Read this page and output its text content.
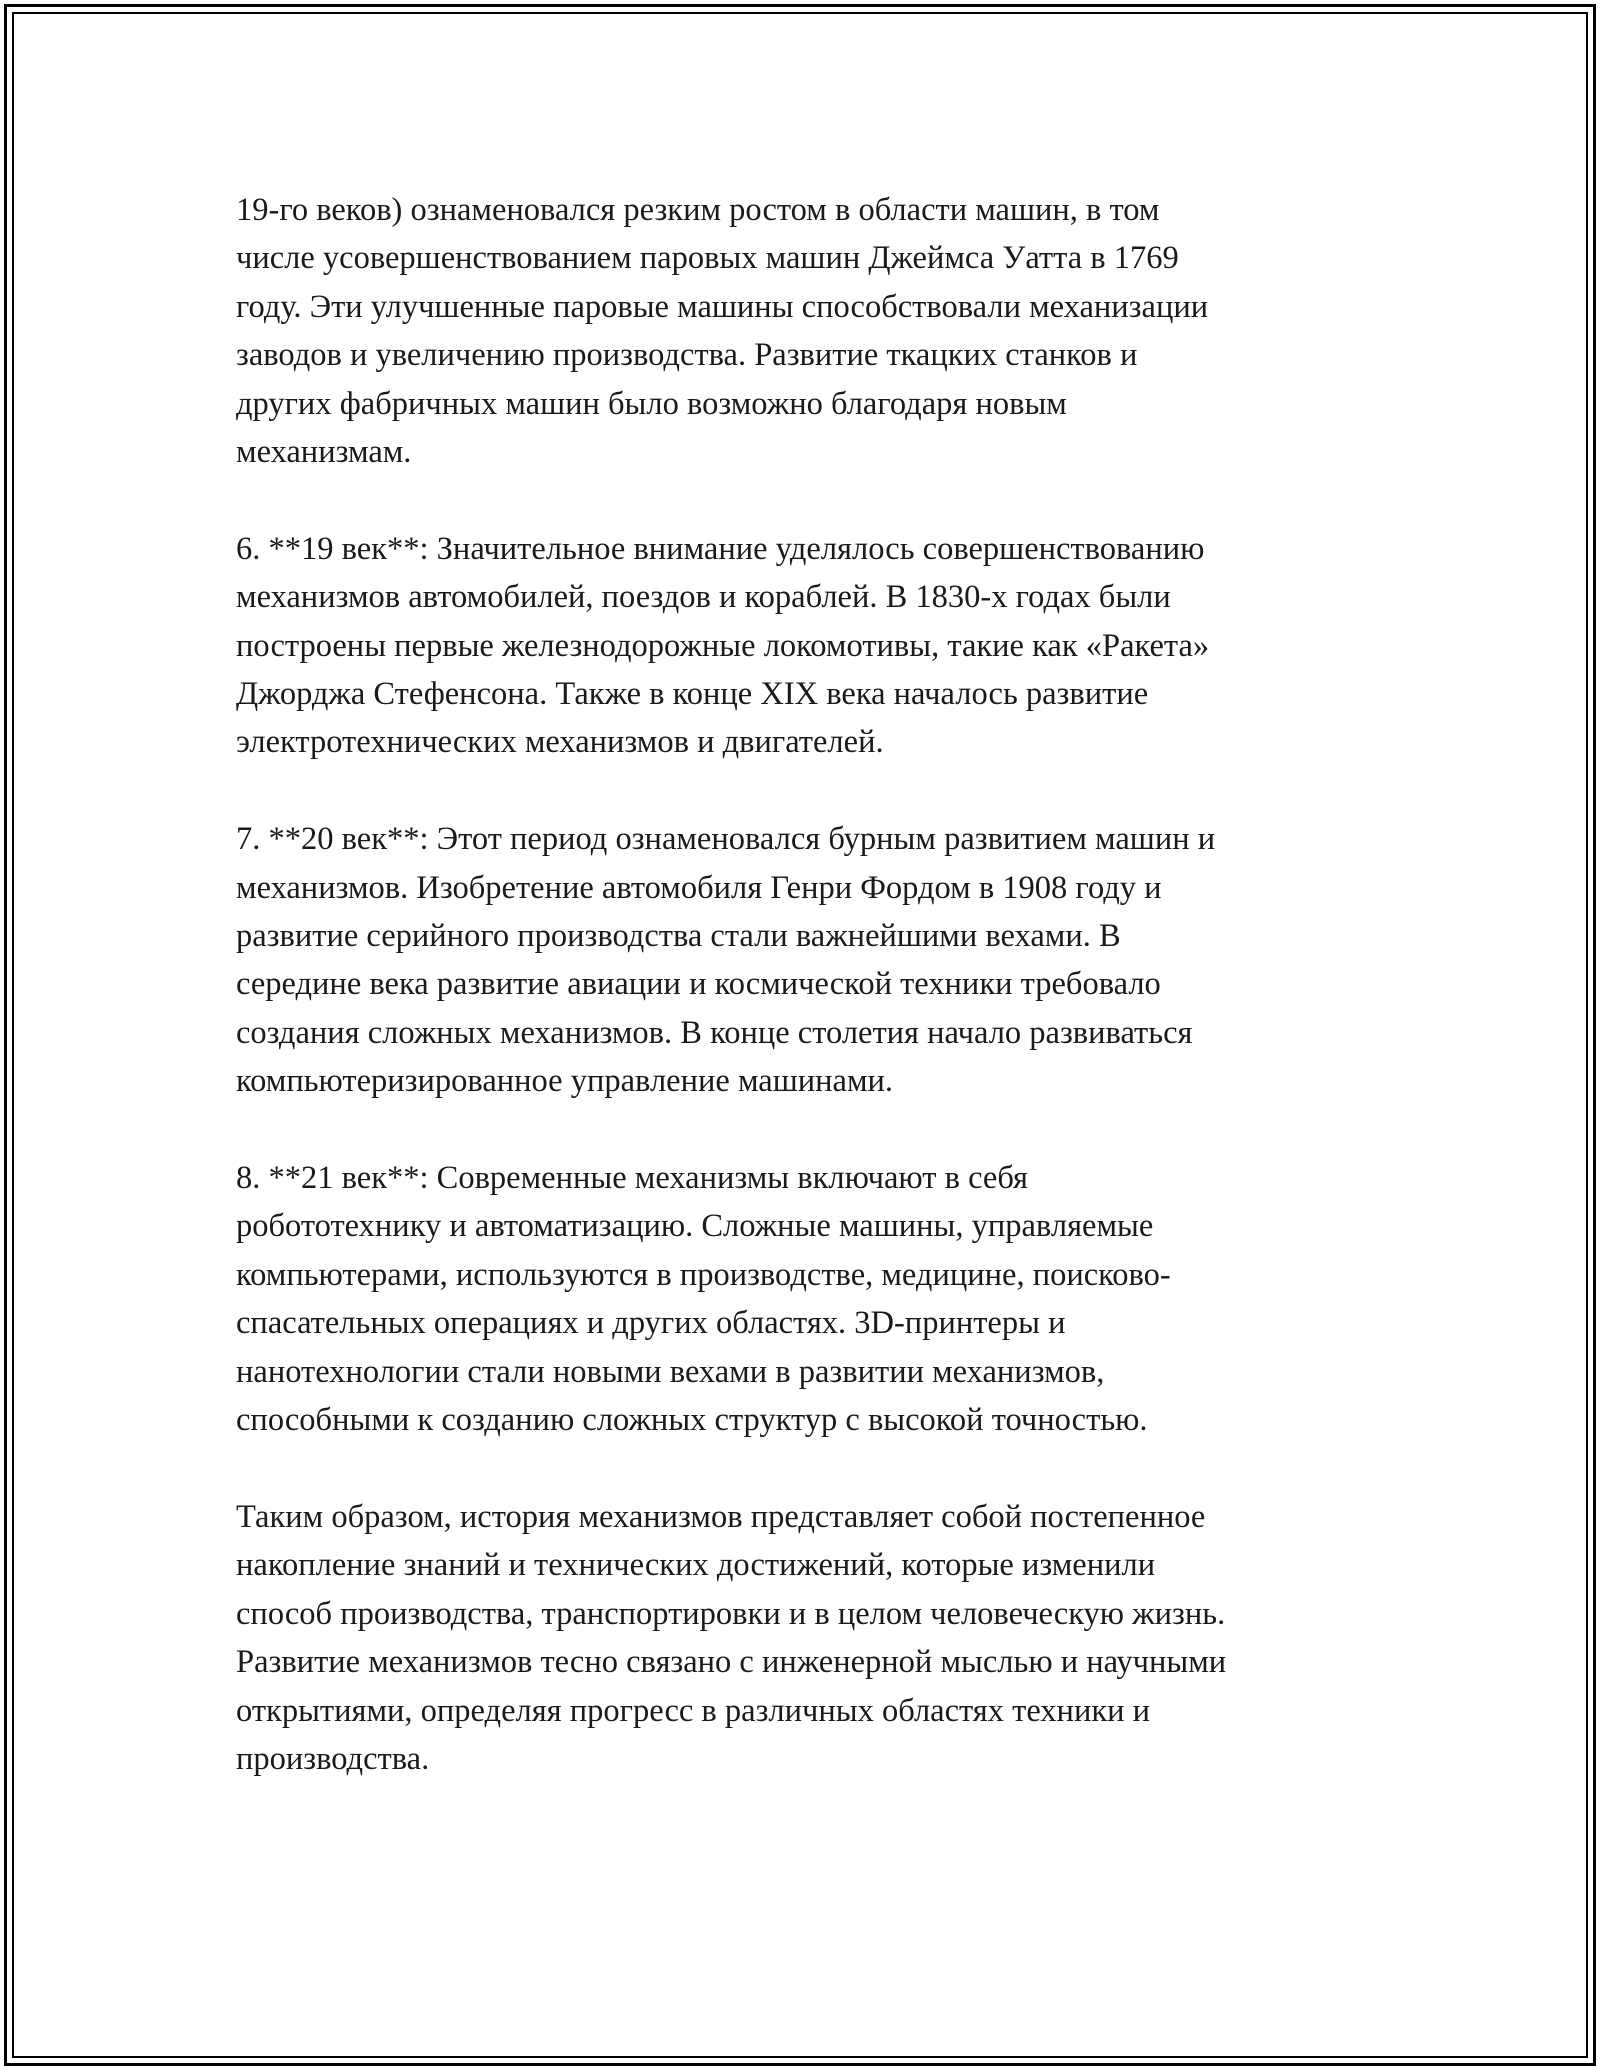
19-го веков) ознаменовался резким ростом в области машин, в том
числе усовершенствованием паровых машин Джеймса Уатта в 1769
году. Эти улучшенные паровые машины способствовали механизации
заводов и увеличению производства. Развитие ткацких станков и
других фабричных машин было возможно благодаря новым
механизмам.

6. **19 век**: Значительное внимание уделялось совершенствованию
механизмов автомобилей, поездов и кораблей. В 1830-х годах были
построены первые железнодорожные локомотивы, такие как «Ракета»
Джорджа Стефенсона. Также в конце XIX века началось развитие
электротехнических механизмов и двигателей.

7. **20 век**: Этот период ознаменовался бурным развитием машин и
механизмов. Изобретение автомобиля Генри Фордом в 1908 году и
развитие серийного производства стали важнейшими вехами. В
середине века развитие авиации и космической техники требовало
создания сложных механизмов. В конце столетия начало развиваться
компьютеризированное управление машинами.

8. **21 век**: Современные механизмы включают в себя
робототехнику и автоматизацию. Сложные машины, управляемые
компьютерами, используются в производстве, медицине, поисково-
спасательных операциях и других областях. 3D-принтеры и
нанотехнологии стали новыми вехами в развитии механизмов,
способными к созданию сложных структур с высокой точностью.

Таким образом, история механизмов представляет собой постепенное
накопление знаний и технических достижений, которые изменили
способ производства, транспортировки и в целом человеческую жизнь.
Развитие механизмов тесно связано с инженерной мыслью и научными
открытиями, определяя прогресс в различных областях техники и
производства.
